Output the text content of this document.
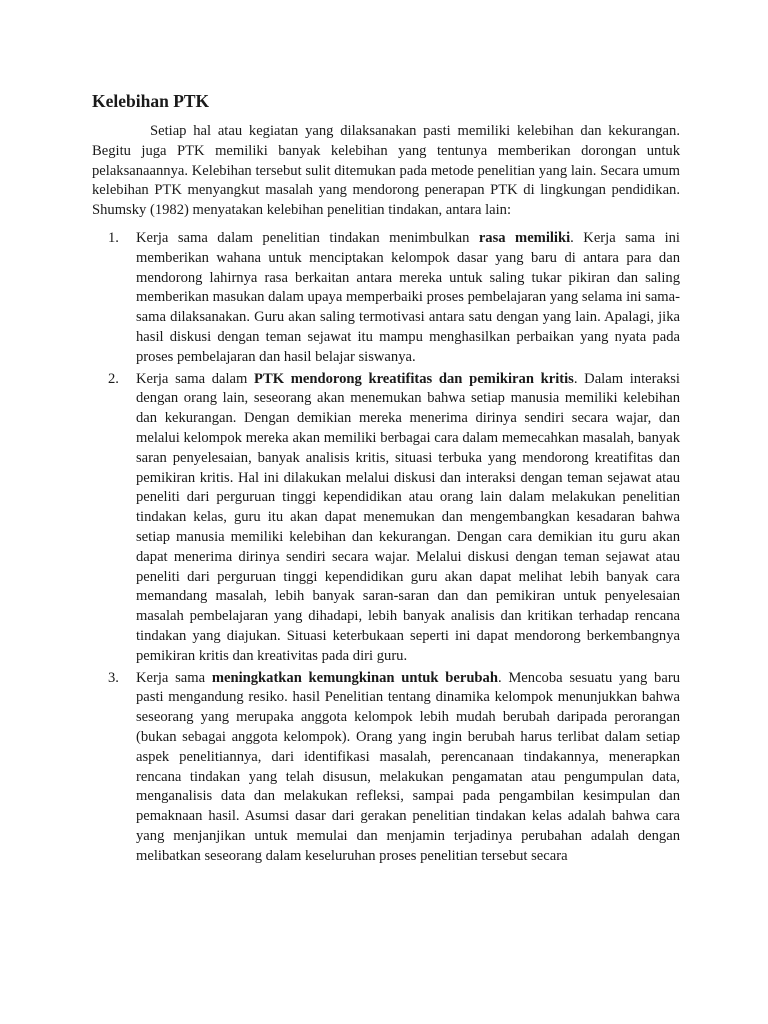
Kelebihan PTK

Setiap hal atau kegiatan yang dilaksanakan pasti memiliki kelebihan dan kekurangan. Begitu juga PTK memiliki banyak kelebihan yang tentunya memberikan dorongan untuk pelaksanaannya. Kelebihan tersebut sulit ditemukan pada metode penelitian yang lain. Secara umum kelebihan PTK menyangkut masalah yang mendorong penerapan PTK di lingkungan pendidikan. Shumsky (1982) menyatakan kelebihan penelitian tindakan, antara lain:

1. Kerja sama dalam penelitian tindakan menimbulkan rasa memiliki. Kerja sama ini memberikan wahana untuk menciptakan kelompok dasar yang baru di antara para dan mendorong lahirnya rasa berkaitan antara mereka untuk saling tukar pikiran dan saling memberikan masukan dalam upaya memperbaiki proses pembelajaran yang selama ini sama-sama dilaksanakan. Guru akan saling termotivasi antara satu dengan yang lain. Apalagi, jika hasil diskusi dengan teman sejawat itu mampu menghasilkan perbaikan yang nyata pada proses pembelajaran dan hasil belajar siswanya.
2. Kerja sama dalam PTK mendorong kreatifitas dan pemikiran kritis. Dalam interaksi dengan orang lain, seseorang akan menemukan bahwa setiap manusia memiliki kelebihan dan kekurangan. Dengan demikian mereka menerima dirinya sendiri secara wajar, dan melalui kelompok mereka akan memiliki berbagai cara dalam memecahkan masalah, banyak saran penyelesaian, banyak analisis kritis, situasi terbuka yang mendorong kreatifitas dan pemikiran kritis. Hal ini dilakukan melalui diskusi dan interaksi dengan teman sejawat atau peneliti dari perguruan tinggi kependidikan atau orang lain dalam melakukan penelitian tindakan kelas, guru itu akan dapat menemukan dan mengembangkan kesadaran bahwa setiap manusia memiliki kelebihan dan kekurangan. Dengan cara demikian itu guru akan dapat menerima dirinya sendiri secara wajar. Melalui diskusi dengan teman sejawat atau peneliti dari perguruan tinggi kependidikan guru akan dapat melihat lebih banyak cara memandang masalah, lebih banyak saran-saran dan dan pemikiran untuk penyelesaian masalah pembelajaran yang dihadapi, lebih banyak analisis dan kritikan terhadap rencana tindakan yang diajukan. Situasi keterbukaan seperti ini dapat mendorong berkembangnya pemikiran kritis dan kreativitas pada diri guru.
3. Kerja sama meningkatkan kemungkinan untuk berubah. Mencoba sesuatu yang baru pasti mengandung resiko. hasil Penelitian tentang dinamika kelompok menunjukkan bahwa seseorang yang merupaka anggota kelompok lebih mudah berubah daripada perorangan (bukan sebagai anggota kelompok). Orang yang ingin berubah harus terlibat dalam setiap aspek penelitiannya, dari identifikasi masalah, perencanaan tindakannya, menerapkan rencana tindakan yang telah disusun, melakukan pengamatan atau pengumpulan data, menganalisis data dan melakukan refleksi, sampai pada pengambilan kesimpulan dan pemaknaan hasil. Asumsi dasar dari gerakan penelitian tindakan kelas adalah bahwa cara yang menjanjikan untuk memulai dan menjamin terjadinya perubahan adalah dengan melibatkan seseorang dalam keseluruhan proses penelitian tersebut secara
